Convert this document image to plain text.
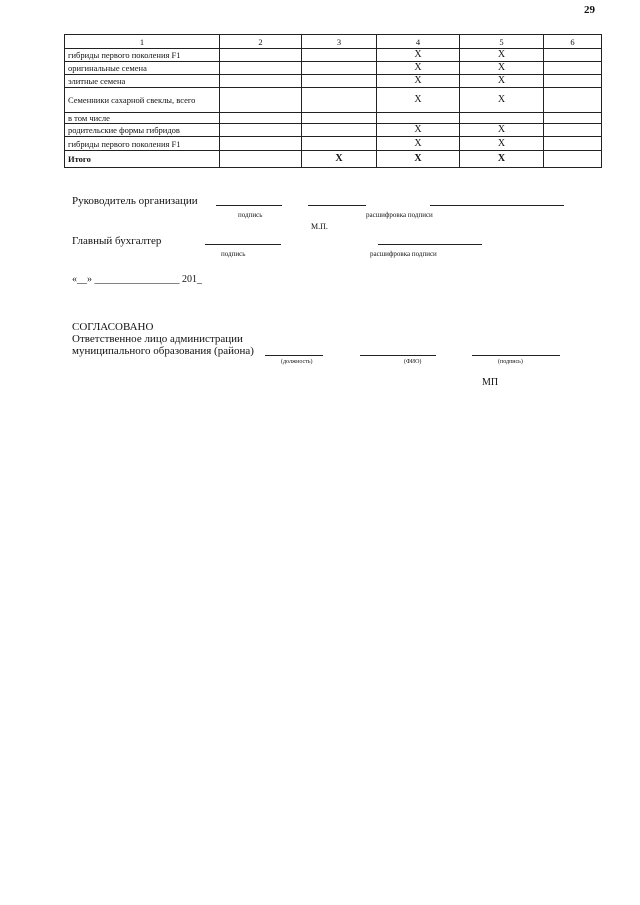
29
1	2	3	4	5	6
гибриды первого поколения F1			X	X	
оригинальные семена			X	X	
элитные семена			X	X	
Семенники сахарной свеклы, всего			X	X	
в том числе					
родительские формы гибридов			X	X	
гибриды первого поколения F1			X	X	
Итого		X	X	X	
Руководитель организации
подпись	расшифровка подписи
М.П.
Главный бухгалтер
подпись	расшифровка подписи
«__» _________________ 201_
СОГЛАСОВАНО
Ответственное лицо администрации
муниципального образования (района)
(должность)	(ФИО)	(подпись)
МП
